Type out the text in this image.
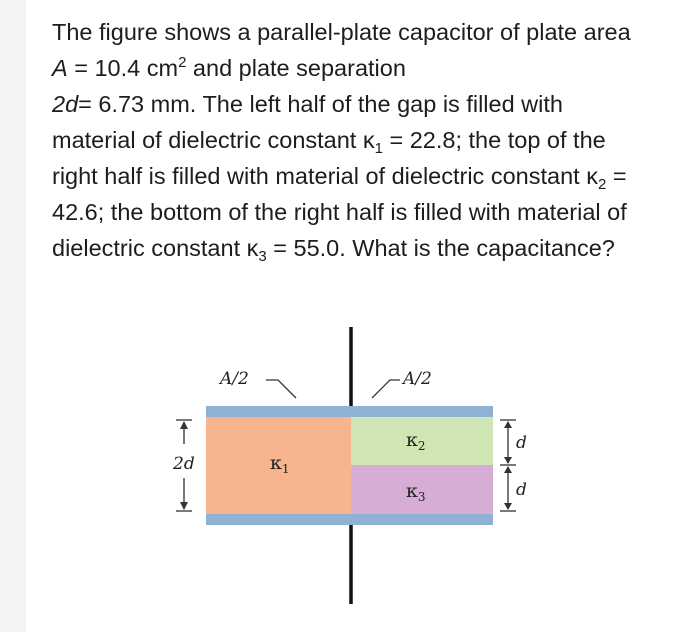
The figure shows a parallel-plate capacitor of plate area A = 10.4 $cm^2$ and plate separation
2d= 6.73 mm. The left half of the gap is filled with material of dielectric constant $\kappa_1 = 22.8$; the top of the right half is filled with material of dielectric constant $\kappa_2 = 42.6$; the bottom of the right half is filled with material of dielectric constant $\kappa_3 = 55.0$. What is the capacitance?

$\kappa_1$
$\kappa_2$
$\kappa_3$
A/2	A/2
2d
d
d
